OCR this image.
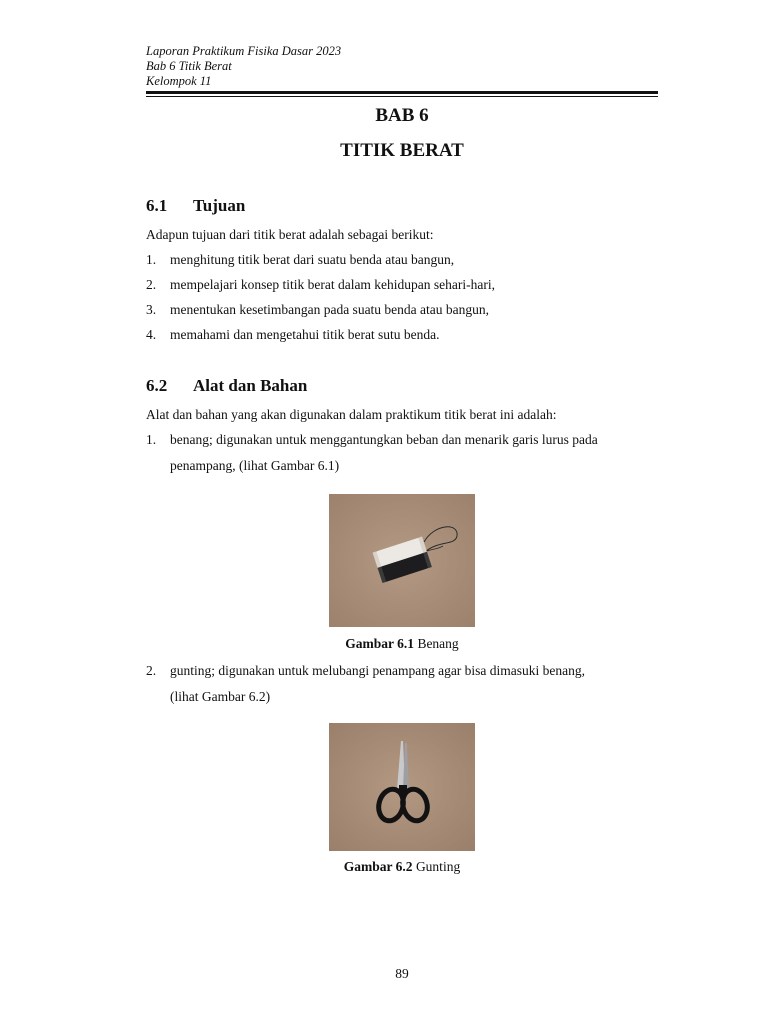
Laporan Praktikum Fisika Dasar 2023
Bab 6 Titik Berat
Kelompok 11
BAB 6
TITIK BERAT
6.1 Tujuan
Adapun tujuan dari titik berat adalah sebagai berikut:
1. menghitung titik berat dari suatu benda atau bangun,
2. mempelajari konsep titik berat dalam kehidupan sehari-hari,
3. menentukan kesetimbangan pada suatu benda atau bangun,
4. memahami dan mengetahui titik berat sutu benda.
6.2 Alat dan Bahan
Alat dan bahan yang akan digunakan dalam praktikum titik berat ini adalah:
1. benang; digunakan untuk menggantungkan beban dan menarik garis lurus pada
penampang, (lihat Gambar 6.1)
Gambar 6.1 Benang
2. gunting; digunakan untuk melubangi penampang agar bisa dimasuki benang,
(lihat Gambar 6.2)
Gambar 6.2 Gunting
89
